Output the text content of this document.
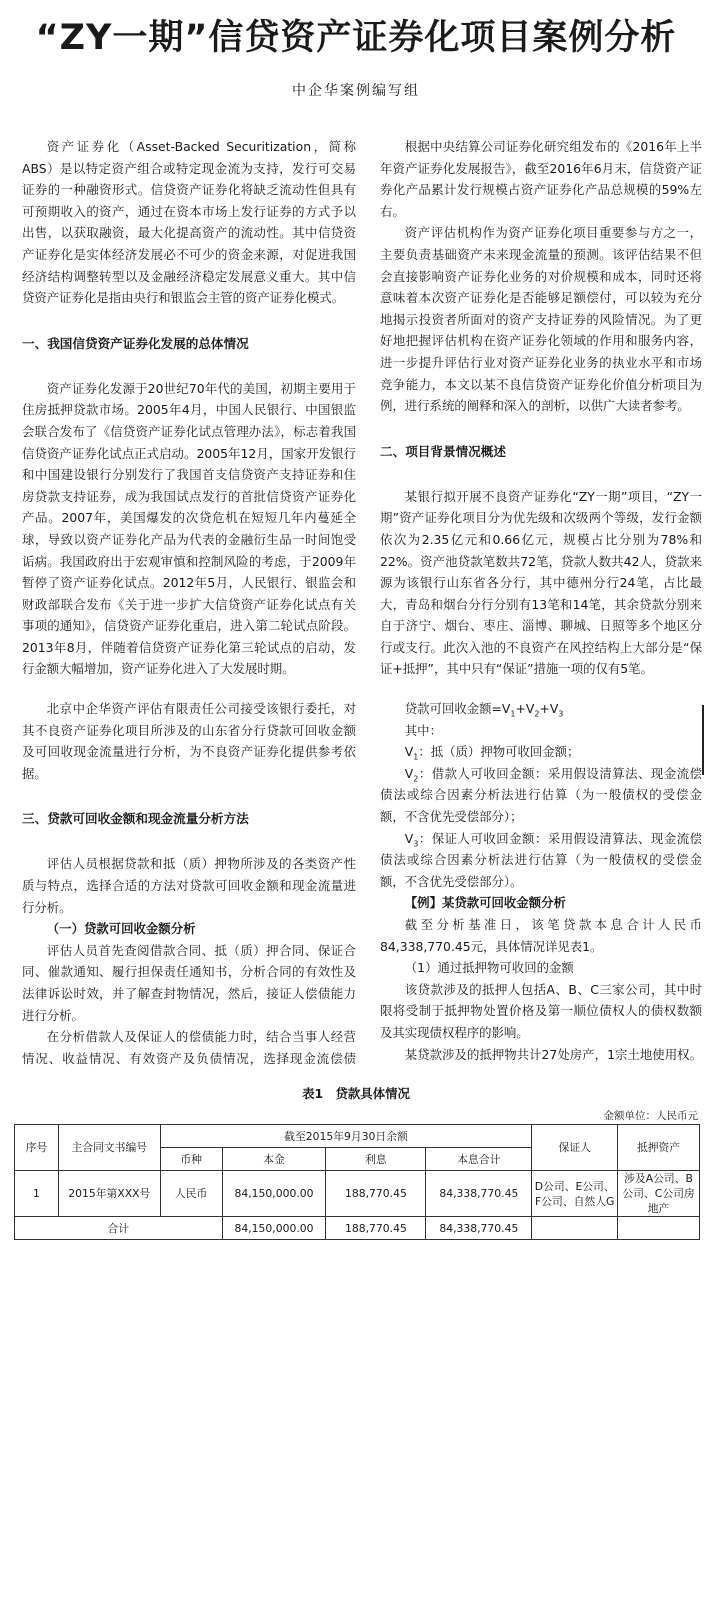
“ZY一期”信贷资产证券化项目案例分析
中企华案例编写组

资产证券化（Asset-Backed Securitization，简称ABS）是以特定资产组合或特定现金流为支持，发行可交易证券的一种融资形式。信贷资产证券化将缺乏流动性但具有可预期收入的资产，通过在资本市场上发行证券的方式予以出售，以获取融资，最大化提高资产的流动性。其中信贷资产证券化是实体经济发展必不可少的资金来源，对促进我国经济结构调整转型以及金融经济稳定发展意义重大。其中信贷资产证券化是指由央行和银监会主管的资产证券化模式。

一、我国信贷资产证券化发展的总体情况

资产证券化发源于20世纪70年代的美国，初期主要用于住房抵押贷款市场。2005年4月，中国人民银行、中国银监会联合发布了《信贷资产证券化试点管理办法》，标志着我国信贷资产证券化试点正式启动。2005年12月，国家开发银行和中国建设银行分别发行了我国首支信贷资产支持证券和住房贷款支持证券，成为我国试点发行的首批信贷资产证券化产品。2007年，美国爆发的次贷危机在短短几年内蔓延全球，导致以资产证券化产品为代表的金融衍生品一时间饱受诟病。我国政府出于宏观审慎和控制风险的考虑，于2009年暂停了资产证券化试点。2012年5月，人民银行、银监会和财政部联合发布《关于进一步扩大信贷资产证券化试点有关事项的通知》，信贷资产证券化重启，进入第二轮试点阶段。2013年8月，伴随着信贷资产证券化第三轮试点的启动，发行金额大幅增加，资产证券化进入了大发展时期。

北京中企华资产评估有限责任公司接受该银行委托，对其不良资产证券化项目所涉及的山东省分行贷款可回收金额及可回收现金流量进行分析，为不良资产证券化提供参考依据。

三、贷款可回收金额和现金流量分析方法

评估人员根据贷款和抵（质）押物所涉及的各类资产性质与特点，选择合适的方法对贷款可回收金额和现金流量进行分析。

（一）贷款可回收金额分析

评估人员首先查阅借款合同、抵（质）押合同、保证合同、催款通知、履行担保责任通知书，分析合同的有效性及法律诉讼时效，并了解查封物情况，然后，接证人偿债能力进行分析。

在分析借款人及保证人的偿债能力时，结合当事人经营情况、收益情况、有效资产及负债情况，选择现金流偿债

根据中央结算公司证券化研究组发布的《2016年上半年资产证券化发展报告》，截至2016年6月末，信贷资产证券化产品累计发行规模占资产证券化产品总规模的59%左右。

资产评估机构作为资产证券化项目重要参与方之一，主要负责基础资产未来现金流量的预测。该评估结果不但会直接影响资产证券化业务的对价规模和成本，同时还将意味着本次资产证券化是否能够足额偿付，可以较为充分地揭示投资者所面对的资产支持证券的风险情况。为了更好地把握评估机构在资产证券化领域的作用和服务内容，进一步提升评估行业对资产证券化业务的执业水平和市场竞争能力，本文以某不良信贷资产证券化价值分析项目为例，进行系统的阐释和深入的剖析，以供广大读者参考。

二、项目背景情况概述

某银行拟开展不良资产证券化“ZY一期”项目，“ZY一期”资产证券化项目分为优先级和次级两个等级，发行金额依次为2.35亿元和0.66亿元，规模占比分别为78%和22%。资产池贷款笔数共72笔，贷款人数共42人，贷款来源为该银行山东省各分行，其中德州分行24笔，占比最大，青岛和烟台分行分别有13笔和14笔，其余贷款分别来自于济宁、烟台、枣庄、淄博、聊城、日照等多个地区分行或支行。此次入池的不良资产在风控结构上大部分是“保证+抵押”，其中只有“保证”措施一项的仅有5笔。

贷款可回收金额$=V_1+V_2+V_3$

其中：

$V_1$：抵（质）押物可收回金额；

$V_2$：借款人可收回金额：采用假设清算法、现金流偿债法或综合因素分析法进行估算（为一般债权的受偿金额，不含优先受偿部分）；

$V_3$：保证人可收回金额：采用假设清算法、现金流偿债法或综合因素分析法进行估算（为一般债权的受偿金额，不含优先受偿部分）。

【例】某贷款可回收金额分析

截至分析基准日，该笔贷款本息合计人民币84,338,770.45元，具体情况详见表1。

（1）通过抵押物可收回的金额

该贷款涉及的抵押人包括A、B、C三家公司，其中时限将受制于抵押物处置价格及第一顺位债权人的债权数额及其实现债权程序的影响。

某贷款涉及的抵押物共计27处房产，1宗土地使用权。

表1　贷款具体情况
金额单位：人民币元
序号	主合同文书编号	截至2015年9月30日余额				保证人	抵押资产
		币种	本金	利息	本息合计		
1	2015年第XXX号	人民币	84,150,000.00	188,770.45	84,338,770.45	D公司、E公司、F公司、自然人G	涉及A公司、B公司、C公司房地产
合计			84,150,000.00	188,770.45	84,338,770.45		
